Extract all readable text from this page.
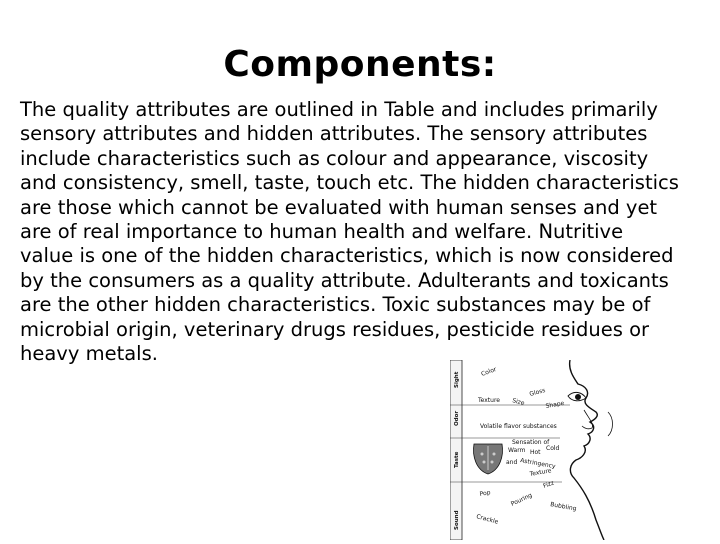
Components:
The quality attributes are outlined in Table and includes primarily
sensory attributes and hidden attributes. The sensory attributes
include characteristics such as colour and appearance, viscosity
and consistency, smell, taste, touch etc. The hidden characteristics
are those which cannot be evaluated with human senses and yet
are of real importance to human health and welfare. Nutritive
value is one of the hidden characteristics, which is now considered
by the consumers as a quality attribute. Adulterants and toxicants
are the other hidden characteristics. Toxic substances may be of
microbial origin, veterinary drugs residues, pesticide residues or
heavy metals.
Sight
Odor
Taste
Sound
Color
Gloss
Texture Size	Shape
Volatile flavor substances
Sensation of
Warm Hot
Cold
Astringency
Texture
and
Pop
Crackle
Fizz
Pouring	Bubbling
